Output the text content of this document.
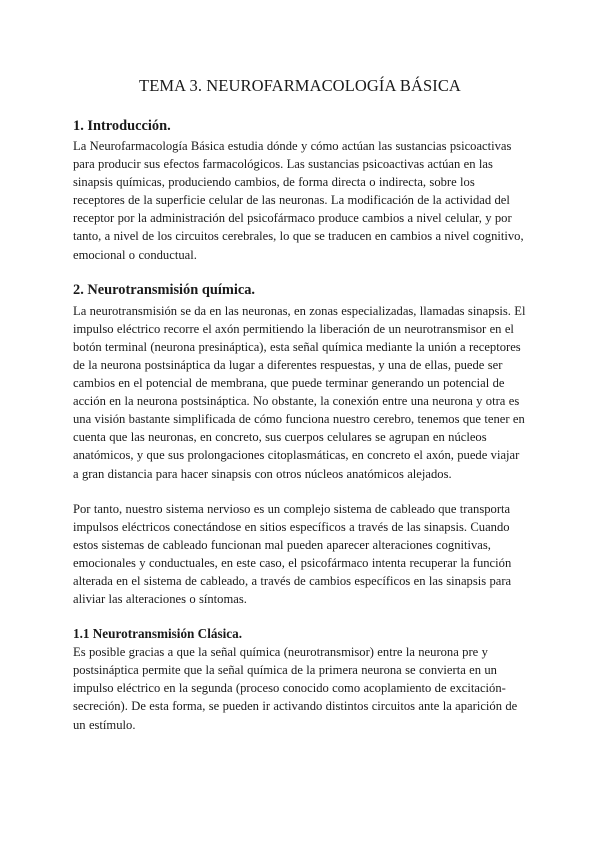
TEMA 3. NEUROFARMACOLOGÍA BÁSICA
1. Introducción.

La Neurofarmacología Básica estudia dónde y cómo actúan las sustancias psicoactivas para producir sus efectos farmacológicos. Las sustancias psicoactivas actúan en las sinapsis químicas, produciendo cambios, de forma directa o indirecta, sobre los receptores de la superficie celular de las neuronas. La modificación de la actividad del receptor por la administración del psicofármaco produce cambios a nivel celular, y por tanto, a nivel de los circuitos cerebrales, lo que se traducen en cambios a nivel cognitivo, emocional o conductual.

2. Neurotransmisión química.

La neurotransmisión se da en las neuronas, en zonas especializadas, llamadas sinapsis. El impulso eléctrico recorre el axón permitiendo la liberación de un neurotransmisor en el botón terminal (neurona presináptica), esta señal química mediante la unión a receptores de la neurona postsináptica da lugar a diferentes respuestas, y una de ellas, puede ser cambios en el potencial de membrana, que puede terminar generando un potencial de acción en la neurona postsináptica. No obstante, la conexión entre una neurona y otra es una visión bastante simplificada de cómo funciona nuestro cerebro, tenemos que tener en cuenta que las neuronas, en concreto, sus cuerpos celulares se agrupan en núcleos anatómicos, y que sus prolongaciones citoplasmáticas, en concreto el axón, puede viajar a gran distancia para hacer sinapsis con otros núcleos anatómicos alejados.

Por tanto, nuestro sistema nervioso es un complejo sistema de cableado que transporta impulsos eléctricos conectándose en sitios específicos a través de las sinapsis. Cuando estos sistemas de cableado funcionan mal pueden aparecer alteraciones cognitivas, emocionales y conductuales, en este caso, el psicofármaco intenta recuperar la función alterada en el sistema de cableado, a través de cambios específicos en las sinapsis para aliviar las alteraciones o síntomas.

1.1 Neurotransmisión Clásica.

Es posible gracias a que la señal química (neurotransmisor) entre la neurona pre y postsináptica permite que la señal química de la primera neurona se convierta en un impulso eléctrico en la segunda (proceso conocido como acoplamiento de excitación-secreción). De esta forma, se pueden ir activando distintos circuitos ante la aparición de un estímulo.
